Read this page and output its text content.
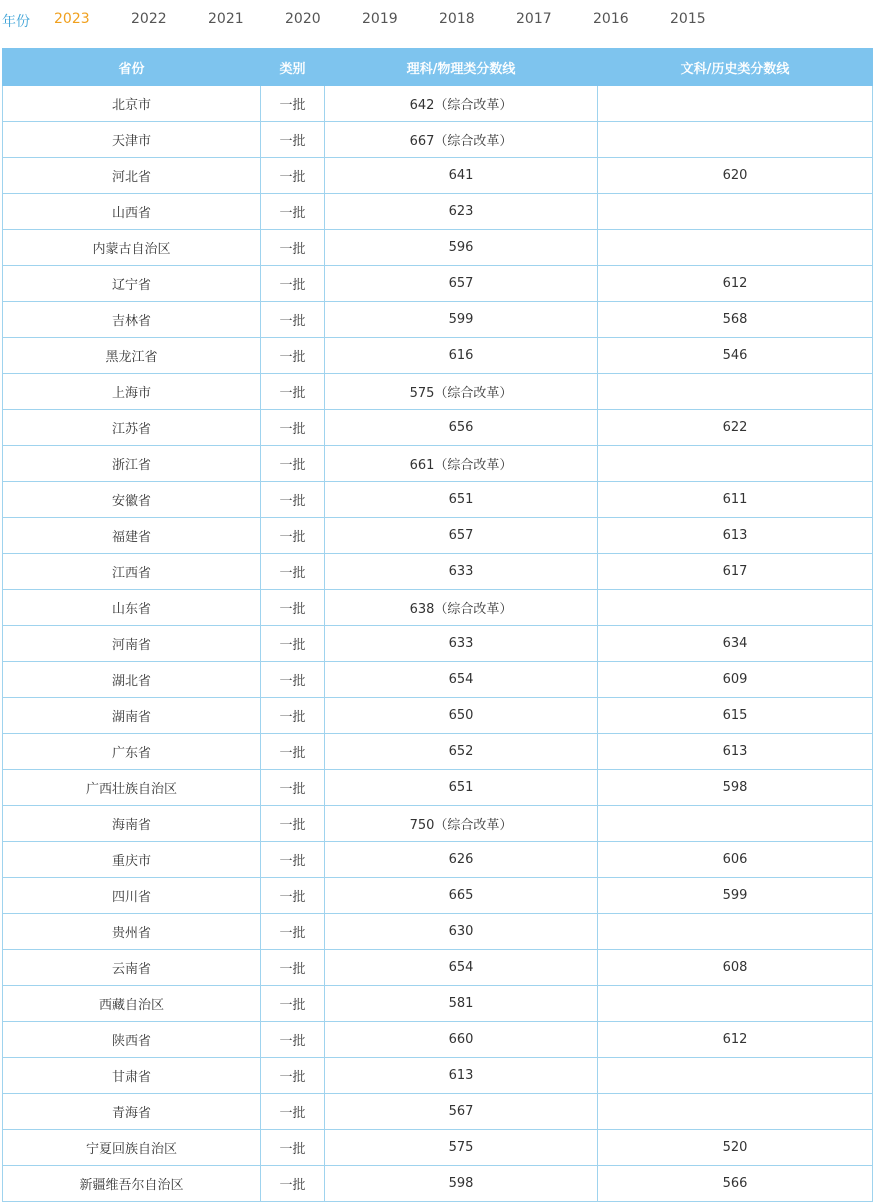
年份 2023	2022	2021	2020	2019	2018	2017	2016	2015
省份	类别	理科/物理类分数线	文科/历史类分数线
北京市	一批	642（综合改革）	
天津市	一批	667（综合改革）	
河北省	一批	641	620
山西省	一批	623	
内蒙古自治区	一批	596	
辽宁省	一批	657	612
吉林省	一批	599	568
黑龙江省	一批	616	546
上海市	一批	575（综合改革）	
江苏省	一批	656	622
浙江省	一批	661（综合改革）	
安徽省	一批	651	611
福建省	一批	657	613
江西省	一批	633	617
山东省	一批	638（综合改革）	
河南省	一批	633	634
湖北省	一批	654	609
湖南省	一批	650	615
广东省	一批	652	613
广西壮族自治区	一批	651	598
海南省	一批	750（综合改革）	
重庆市	一批	626	606
四川省	一批	665	599
贵州省	一批	630	
云南省	一批	654	608
西藏自治区	一批	581	
陕西省	一批	660	612
甘肃省	一批	613	
青海省	一批	567	
宁夏回族自治区	一批	575	520
新疆维吾尔自治区	一批	598	566
